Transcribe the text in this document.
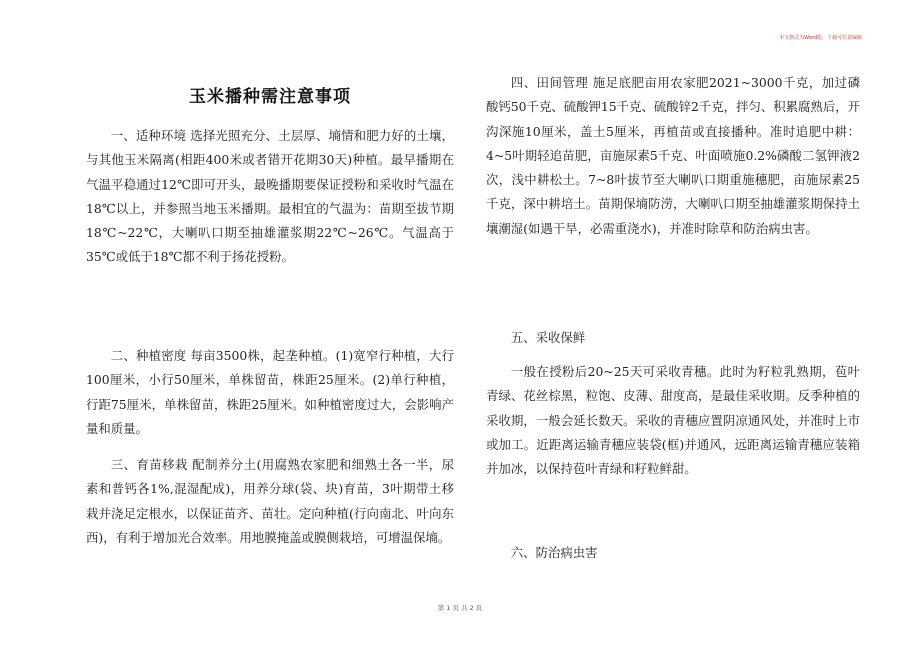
本文格式为Word版，下载可任意编辑
玉米播种需注意事项

一、适种环境 选择光照充分、土层厚、墒情和肥力好的土壤，与其他玉米隔离(相距400米或者错开花期30天)种植。最早播期在气温平稳通过12℃即可开头，最晚播期要保证授粉和采收时气温在18℃以上，并参照当地玉米播期。最相宜的气温为：苗期至拔节期18℃~22℃，大喇叭口期至抽雄灌浆期22℃~26℃。气温高于35℃或低于18℃都不利于扬花授粉。

二、种植密度 每亩3500株，起垄种植。(1)宽窄行种植，大行100厘米，小行50厘米，单株留苗，株距25厘米。(2)单行种植，行距75厘米，单株留苗，株距25厘米。如种植密度过大，会影响产量和质量。

三、育苗移栽 配制养分土(用腐熟农家肥和细熟土各一半，尿素和普钙各1%,混湿配成)，用养分球(袋、块)育苗，3叶期带土移栽并浇足定根水，以保证苗齐、苗壮。定向种植(行向南北、叶向东西)，有利于增加光合效率。用地膜掩盖或膜侧栽培，可增温保墒。

四、田间管理 施足底肥亩用农家肥2021~3000千克，加过磷酸钙50千克、硫酸钾15千克、硫酸锌2千克，拌匀、积累腐熟后，开沟深施10厘米，盖土5厘米，再植苗或直接播种。准时追肥中耕：4~5叶期轻追苗肥，亩施尿素5千克、叶面喷施0.2%磷酸二氢钾液2次，浅中耕松土。7~8叶拔节至大喇叭口期重施穗肥，亩施尿素25千克，深中耕培土。苗期保墒防涝，大喇叭口期至抽雄灌浆期保持土壤潮湿(如遇干旱，必需重浇水)，并准时除草和防治病虫害。

五、采收保鲜

一般在授粉后20~25天可采收青穗。此时为籽粒乳熟期，苞叶青绿、花丝棕黑，粒饱、皮薄、甜度高，是最佳采收期。反季种植的采收期，一般会延长数天。采收的青穗应置阴凉通风处，并准时上市或加工。近距离运输青穗应装袋(框)并通风，远距离运输青穗应装箱并加冰，以保持苞叶青绿和籽粒鲜甜。

六、防治病虫害

第 1 页 共 2 页
